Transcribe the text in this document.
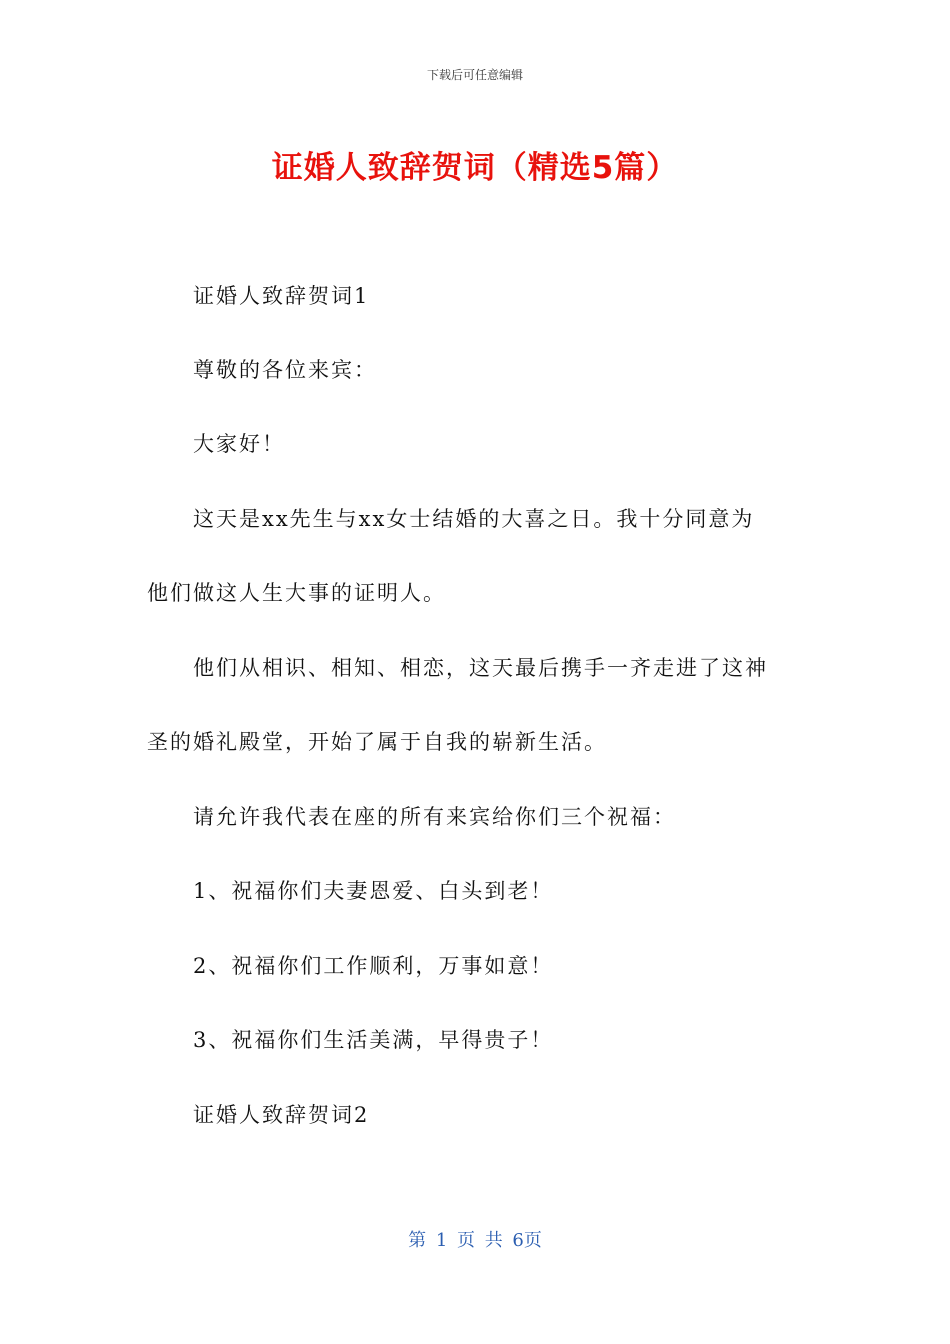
下载后可任意编辑
证婚人致辞贺词（精选5篇）
证婚人致辞贺词1
尊敬的各位来宾：
大家好！
这天是xx先生与xx女士结婚的大喜之日。我十分同意为
他们做这人生大事的证明人。
他们从相识、相知、相恋，这天最后携手一齐走进了这神
圣的婚礼殿堂，开始了属于自我的崭新生活。
请允许我代表在座的所有来宾给你们三个祝福：
1、祝福你们夫妻恩爱、白头到老！
2、祝福你们工作顺利，万事如意！
3、祝福你们生活美满，早得贵子！
证婚人致辞贺词2
第 1 页 共 6页
